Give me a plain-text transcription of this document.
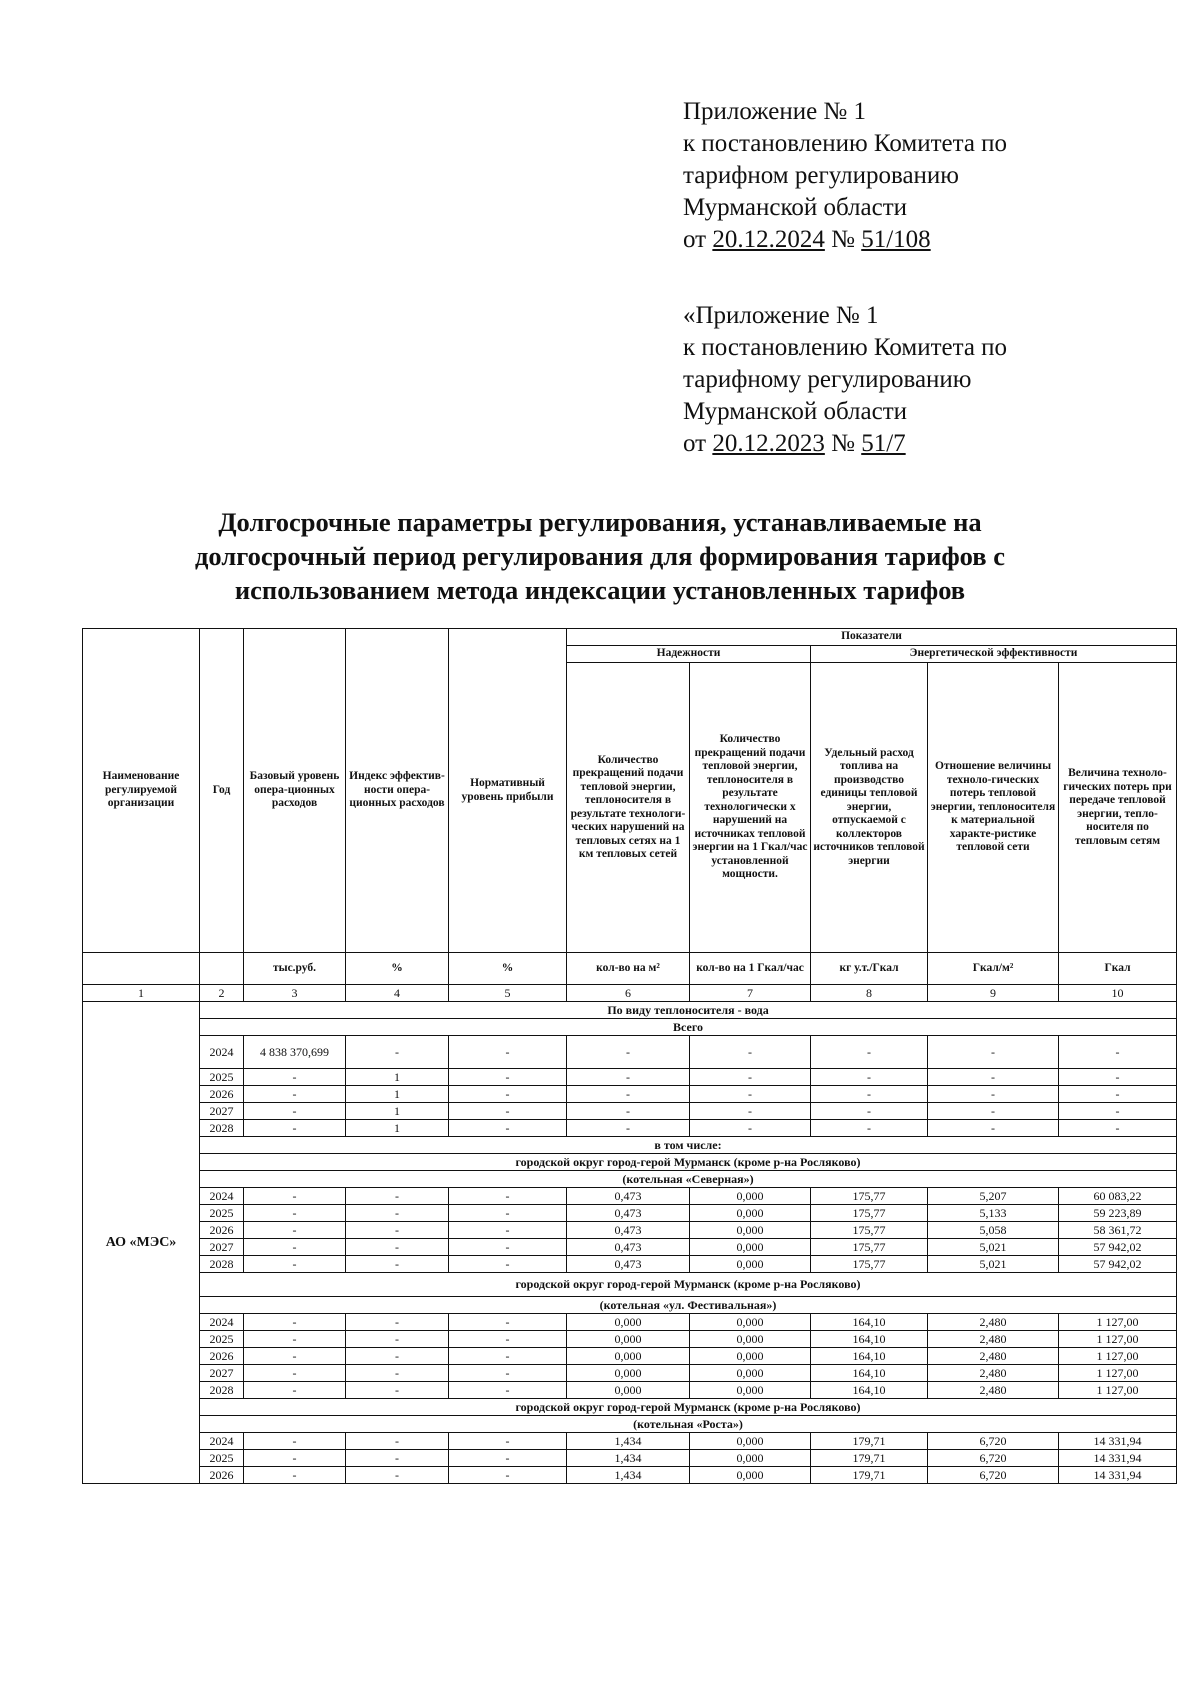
Приложение № 1
к постановлению Комитета по
тарифном регулированию
Мурманской области
от 20.12.2024 № 51/108
«Приложение № 1
к постановлению Комитета по
тарифному регулированию
Мурманской области
от 20.12.2023 № 51/7
Долгосрочные параметры регулирования, устанавливаемые на
долгосрочный период регулирования для формирования тарифов с
использованием метода индексации установленных тарифов
Наименование регулируемой организации	Год	Базовый уровень опера-ционных расходов	Индекс эффектив-ности опера-ционных расходов	Нормативный уровень прибыли	Показатели				
					Надежности		Энергетической эффективности		
					Количество прекращений подачи тепловой энергии, теплоносителя в результате технологи-ческих нарушений на тепловых сетях на 1 км тепловых сетей	Количество прекращений подачи тепловой энергии, теплоносителя в результате технологически х нарушений на источниках тепловой энергии на 1 Гкал/час установленной мощности.	Удельный расход топлива на производство единицы тепловой энергии, отпускаемой с коллекторов источников тепловой энергии	Отношение величины техноло-гических потерь тепловой энергии, теплоносителя к материальной характе-ристике тепловой сети	Величина техноло-гических потерь при передаче тепловой энергии, тепло-носителя по тепловым сетям
		тыс.руб.	%	%	кол-во на м²	кол-во на 1 Гкал/час	кг у.т./Гкал	Гкал/м²	Гкал
1	2	3	4	5	6	7	8	9	10
АО «МЭС»	По виду теплоносителя - вода								
	Всего								
	2024	4 838 370,699	-	-	-	-	-	-	-
	2025	-	1	-	-	-	-	-	-
	2026	-	1	-	-	-	-	-	-
	2027	-	1	-	-	-	-	-	-
	2028	-	1	-	-	-	-	-	-
	в том числе:								
	городской округ город-герой Мурманск (кроме р-на Росляково)								
	(котельная «Северная»)								
	2024	-	-	-	0,473	0,000	175,77	5,207	60 083,22
	2025	-	-	-	0,473	0,000	175,77	5,133	59 223,89
	2026	-	-	-	0,473	0,000	175,77	5,058	58 361,72
	2027	-	-	-	0,473	0,000	175,77	5,021	57 942,02
	2028	-	-	-	0,473	0,000	175,77	5,021	57 942,02
	городской округ город-герой Мурманск (кроме р-на Росляково)								
	(котельная «ул. Фестивальная»)								
	2024	-	-	-	0,000	0,000	164,10	2,480	1 127,00
	2025	-	-	-	0,000	0,000	164,10	2,480	1 127,00
	2026	-	-	-	0,000	0,000	164,10	2,480	1 127,00
	2027	-	-	-	0,000	0,000	164,10	2,480	1 127,00
	2028	-	-	-	0,000	0,000	164,10	2,480	1 127,00
	городской округ город-герой Мурманск (кроме р-на Росляково)								
	(котельная «Роста»)								
	2024	-	-	-	1,434	0,000	179,71	6,720	14 331,94
	2025	-	-	-	1,434	0,000	179,71	6,720	14 331,94
	2026	-	-	-	1,434	0,000	179,71	6,720	14 331,94
